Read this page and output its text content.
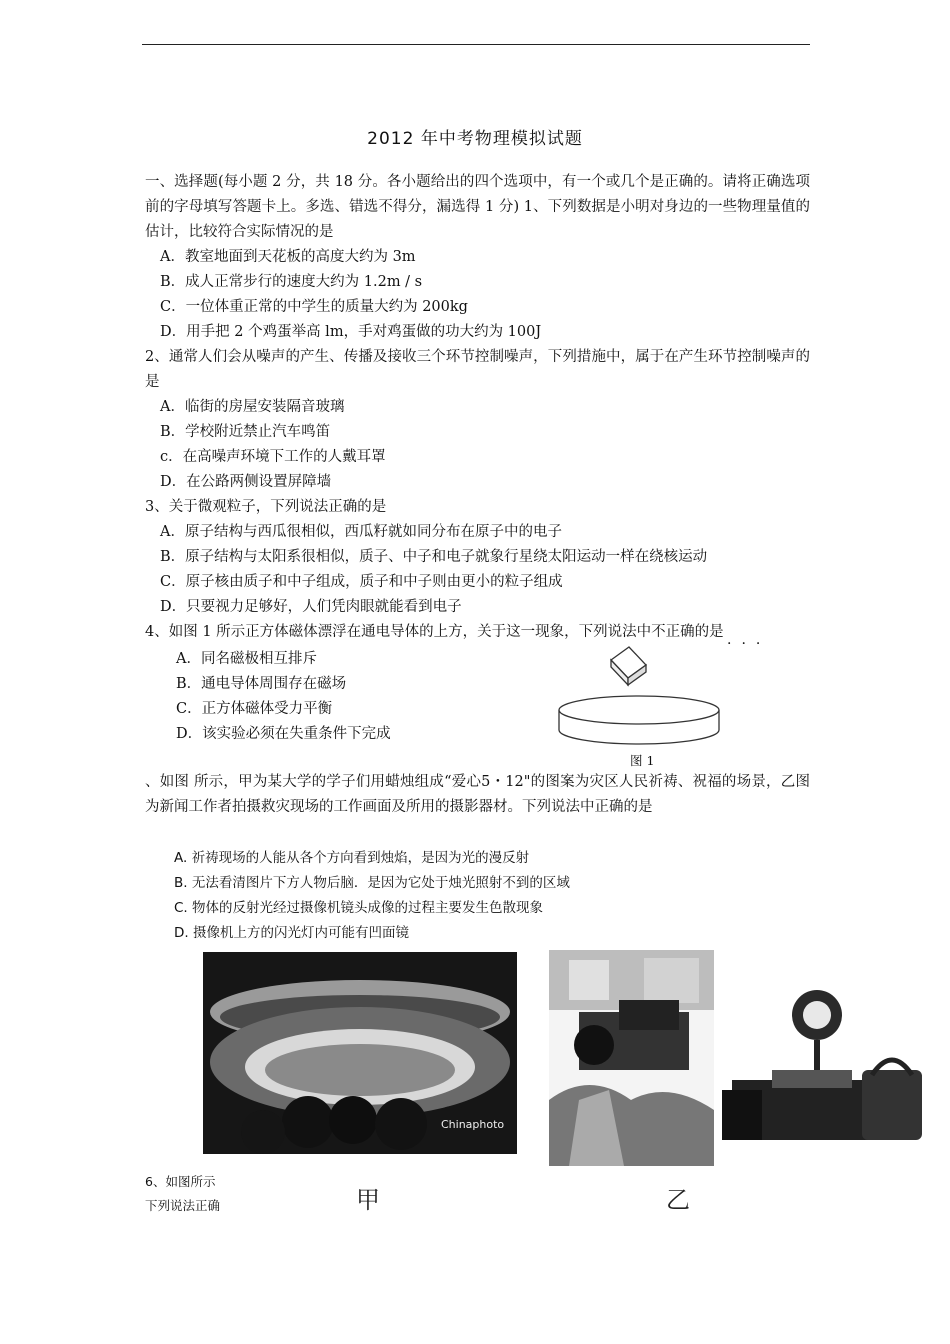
2012 年中考物理模拟试题
一、选择题(每小题 2 分，共 18 分。各小题给出的四个选项中，有一个或几个是正确的。请将正确选项前的字母填写答题卡上。多选、错选不得分，漏选得 1 分) 1、下列数据是小明对身边的一些物理量值的估计，比较符合实际情况的是
A．教室地面到天花板的高度大约为 3m
B．成人正常步行的速度大约为 1.2m / s
C．一位体重正常的中学生的质量大约为 200kg
D．用手把 2 个鸡蛋举高 lm，手对鸡蛋做的功大约为 100J
2、通常人们会从噪声的产生、传播及接收三个环节控制噪声，下列措施中，属于在产生环节控制噪声的是
A．临街的房屋安装隔音玻璃
B．学校附近禁止汽车鸣笛
c．在高噪声环境下工作的人戴耳罩
D．在公路两侧设置屏障墙
3、关于微观粒子，下列说法正确的是
A．原子结构与西瓜很相似，西瓜籽就如同分布在原子中的电子
B．原子结构与太阳系很相似，质子、中子和电子就象行星绕太阳运动一样在绕核运动
C．原子核由质子和中子组成，质子和中子则由更小的粒子组成
D．只要视力足够好，人们凭肉眼就能看到电子
4、如图 1 所示正方体磁体漂浮在通电导体的上方，关于这一现象，下列说法中不正确的是
···
A．同名磁极相互排斥
B．通电导体周围存在磁场
C．正方体磁体受力平衡
D．该实验必须在失重条件下完成
图 1
、如图 所示，甲为某大学的学子们用蜡烛组成“爱心5・12"的图案为灾区人民祈祷、祝福的场景，乙图为新闻工作者拍摄救灾现场的工作画面及所用的摄影器材。下列说法中正确的是
A. 祈祷现场的人能从各个方向看到烛焰，是因为光的漫反射
B. 无法看清图片下方人物后脑．是因为它处于烛光照射不到的区域
C. 物体的反射光经过摄像机镜头成像的过程主要发生色散现象
D. 摄像机上方的闪光灯内可能有凹面镜
Chinaphoto
甲	乙
6、如图所示
下列说法正确
